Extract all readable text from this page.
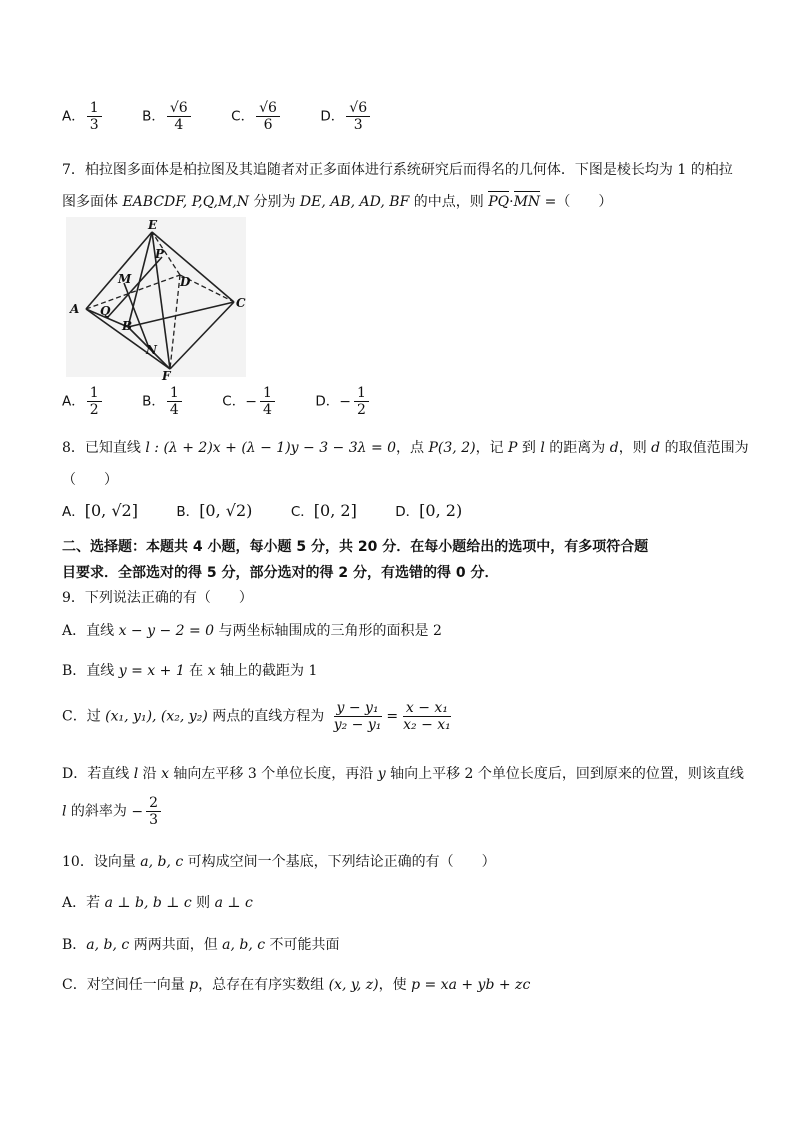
A． $\frac{1}{3}$	B． $\frac{√6}{4}$	C． $\frac{√6}{6}$	D． $\frac{√6}{3}$
7．柏拉图多面体是柏拉图及其追随者对正多面体进行系统研究后而得名的几何体．下图是棱长均为 1 的柏拉
图多面体 EABCDF, P,Q,M,N 分别为 DE, AB, AD, BF 的中点，则 PQ·MN =（　　）
E
P
M	D
A Q
B
C
N
F
A． $\frac{1}{2}$	B． $\frac{1}{4}$	C．− $\frac{1}{4}$	D．− $\frac{1}{2}$
8．已知直线 l : (λ + 2)x + (λ − 1)y − 3 − 3λ = 0，点 P(3, 2)，记 P 到 l 的距离为 d，则 d 的取值范围为
（　　）
A．[0, √2]	B．[0, √2)	C．[0, 2]	D．[0, 2)
二、选择题：本题共 4 小题，每小题 5 分，共 20 分．在每小题给出的选项中，有多项符合题
目要求．全部选对的得 5 分，部分选对的得 2 分，有选错的得 0 分．
9．下列说法正确的有（　　）
A．直线 x − y − 2 = 0 与两坐标轴围成的三角形的面积是 2
B．直线 y = x + 1 在 x 轴上的截距为 1
C．过 (x₁, y₁), (x₂, y₂) 两点的直线方程为 $\frac{\text{y − y₁}}{\text{y₂ − y₁}} = \frac{\text{x − x₁}}{\text{x₂ − x₁}}$
D．若直线 l 沿 x 轴向左平移 3 个单位长度，再沿 y 轴向上平移 2 个单位长度后，回到原来的位置，则该直线
l 的斜率为 − $\frac{2}{3}$
10．设向量 a, b, c 可构成空间一个基底，下列结论正确的有（　　）
A．若 a ⊥ b, b ⊥ c 则 a ⊥ c
B．a, b, c 两两共面，但 a, b, c 不可能共面
C．对空间任一向量 p，总存在有序实数组 (x, y, z)，使 p = xa + yb + zc
